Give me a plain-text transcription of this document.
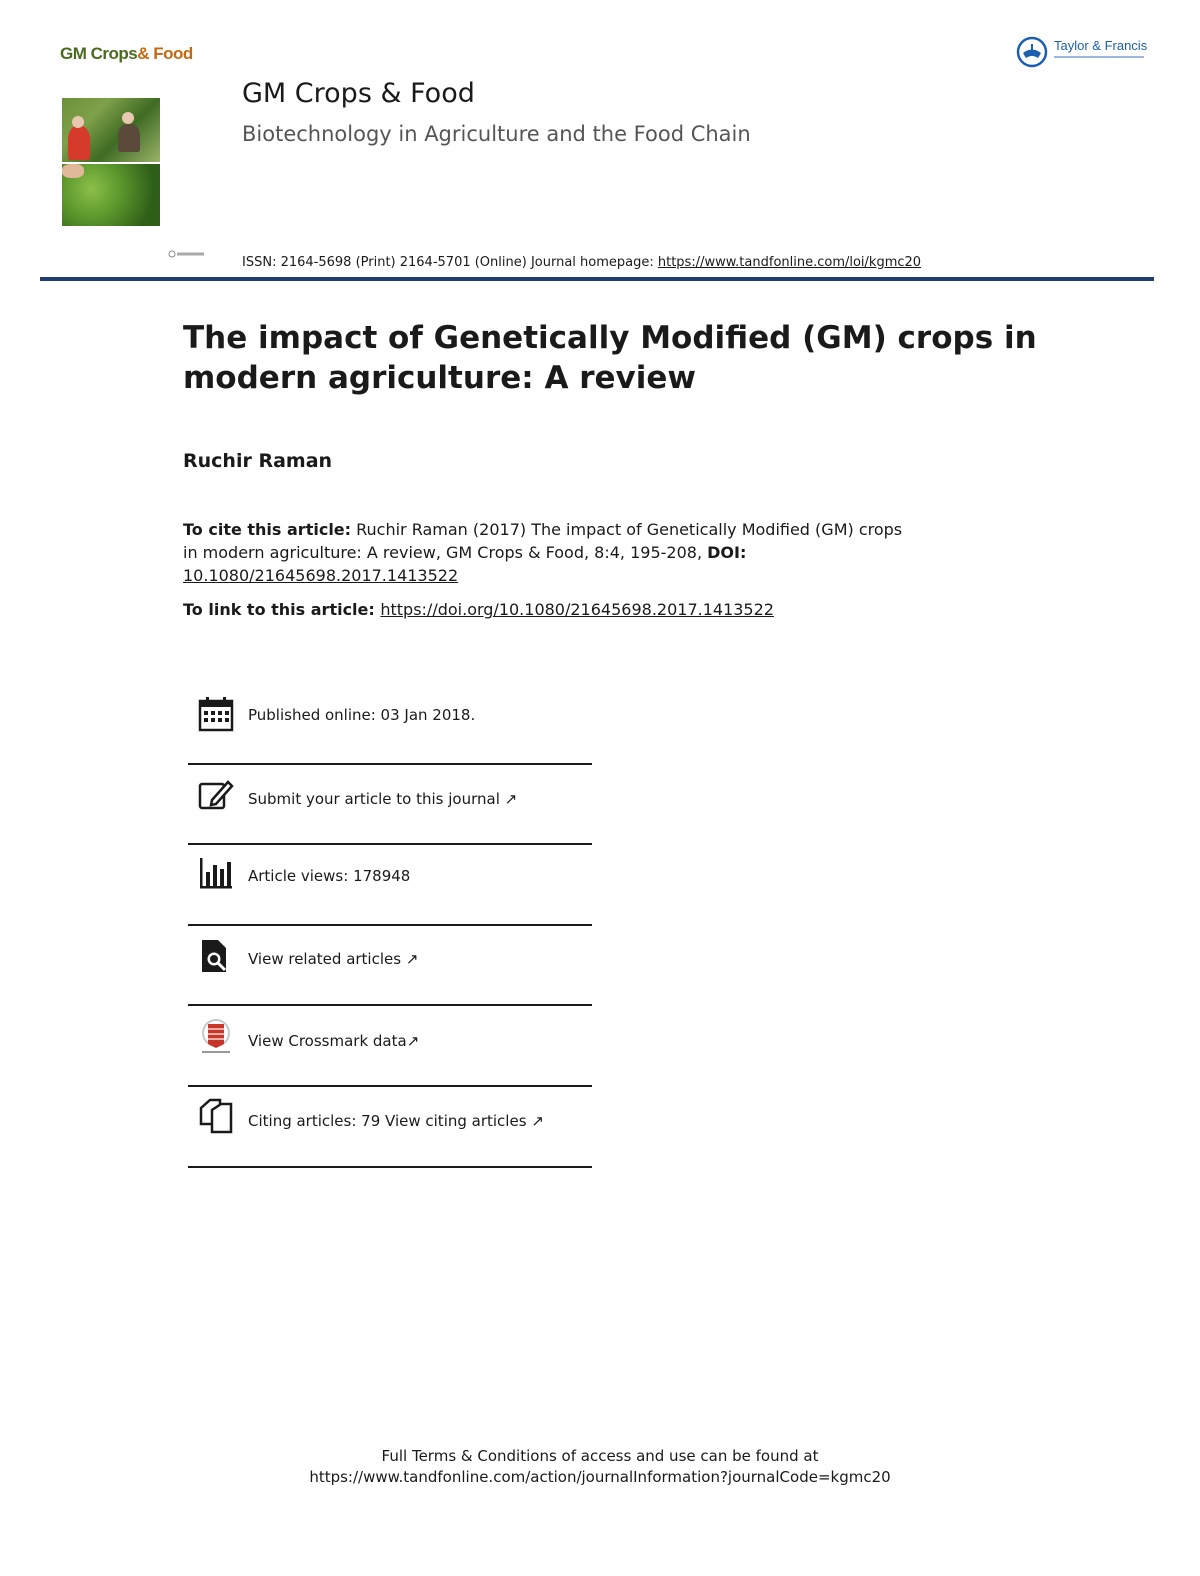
GM Crops& Food
GM Crops & Food
Biotechnology in Agriculture and the Food Chain
Taylor & Francis
ISSN: 2164-5698 (Print) 2164-5701 (Online) Journal homepage: https://www.tandfonline.com/loi/kgmc20
The impact of Genetically Modified (GM) crops in modern agriculture: A review
Ruchir Raman
To cite this article: Ruchir Raman (2017) The impact of Genetically Modified (GM) crops in modern agriculture: A review, GM Crops & Food, 8:4, 195-208, DOI:
10.1080/21645698.2017.1413522
To link to this article: https://doi.org/10.1080/21645698.2017.1413522
Published online: 03 Jan 2018.
Submit your article to this journal ↗
Article views: 178948
View related articles ↗
View Crossmark data↗
Citing articles: 79 View citing articles ↗
Full Terms & Conditions of access and use can be found at
https://www.tandfonline.com/action/journalInformation?journalCode=kgmc20
